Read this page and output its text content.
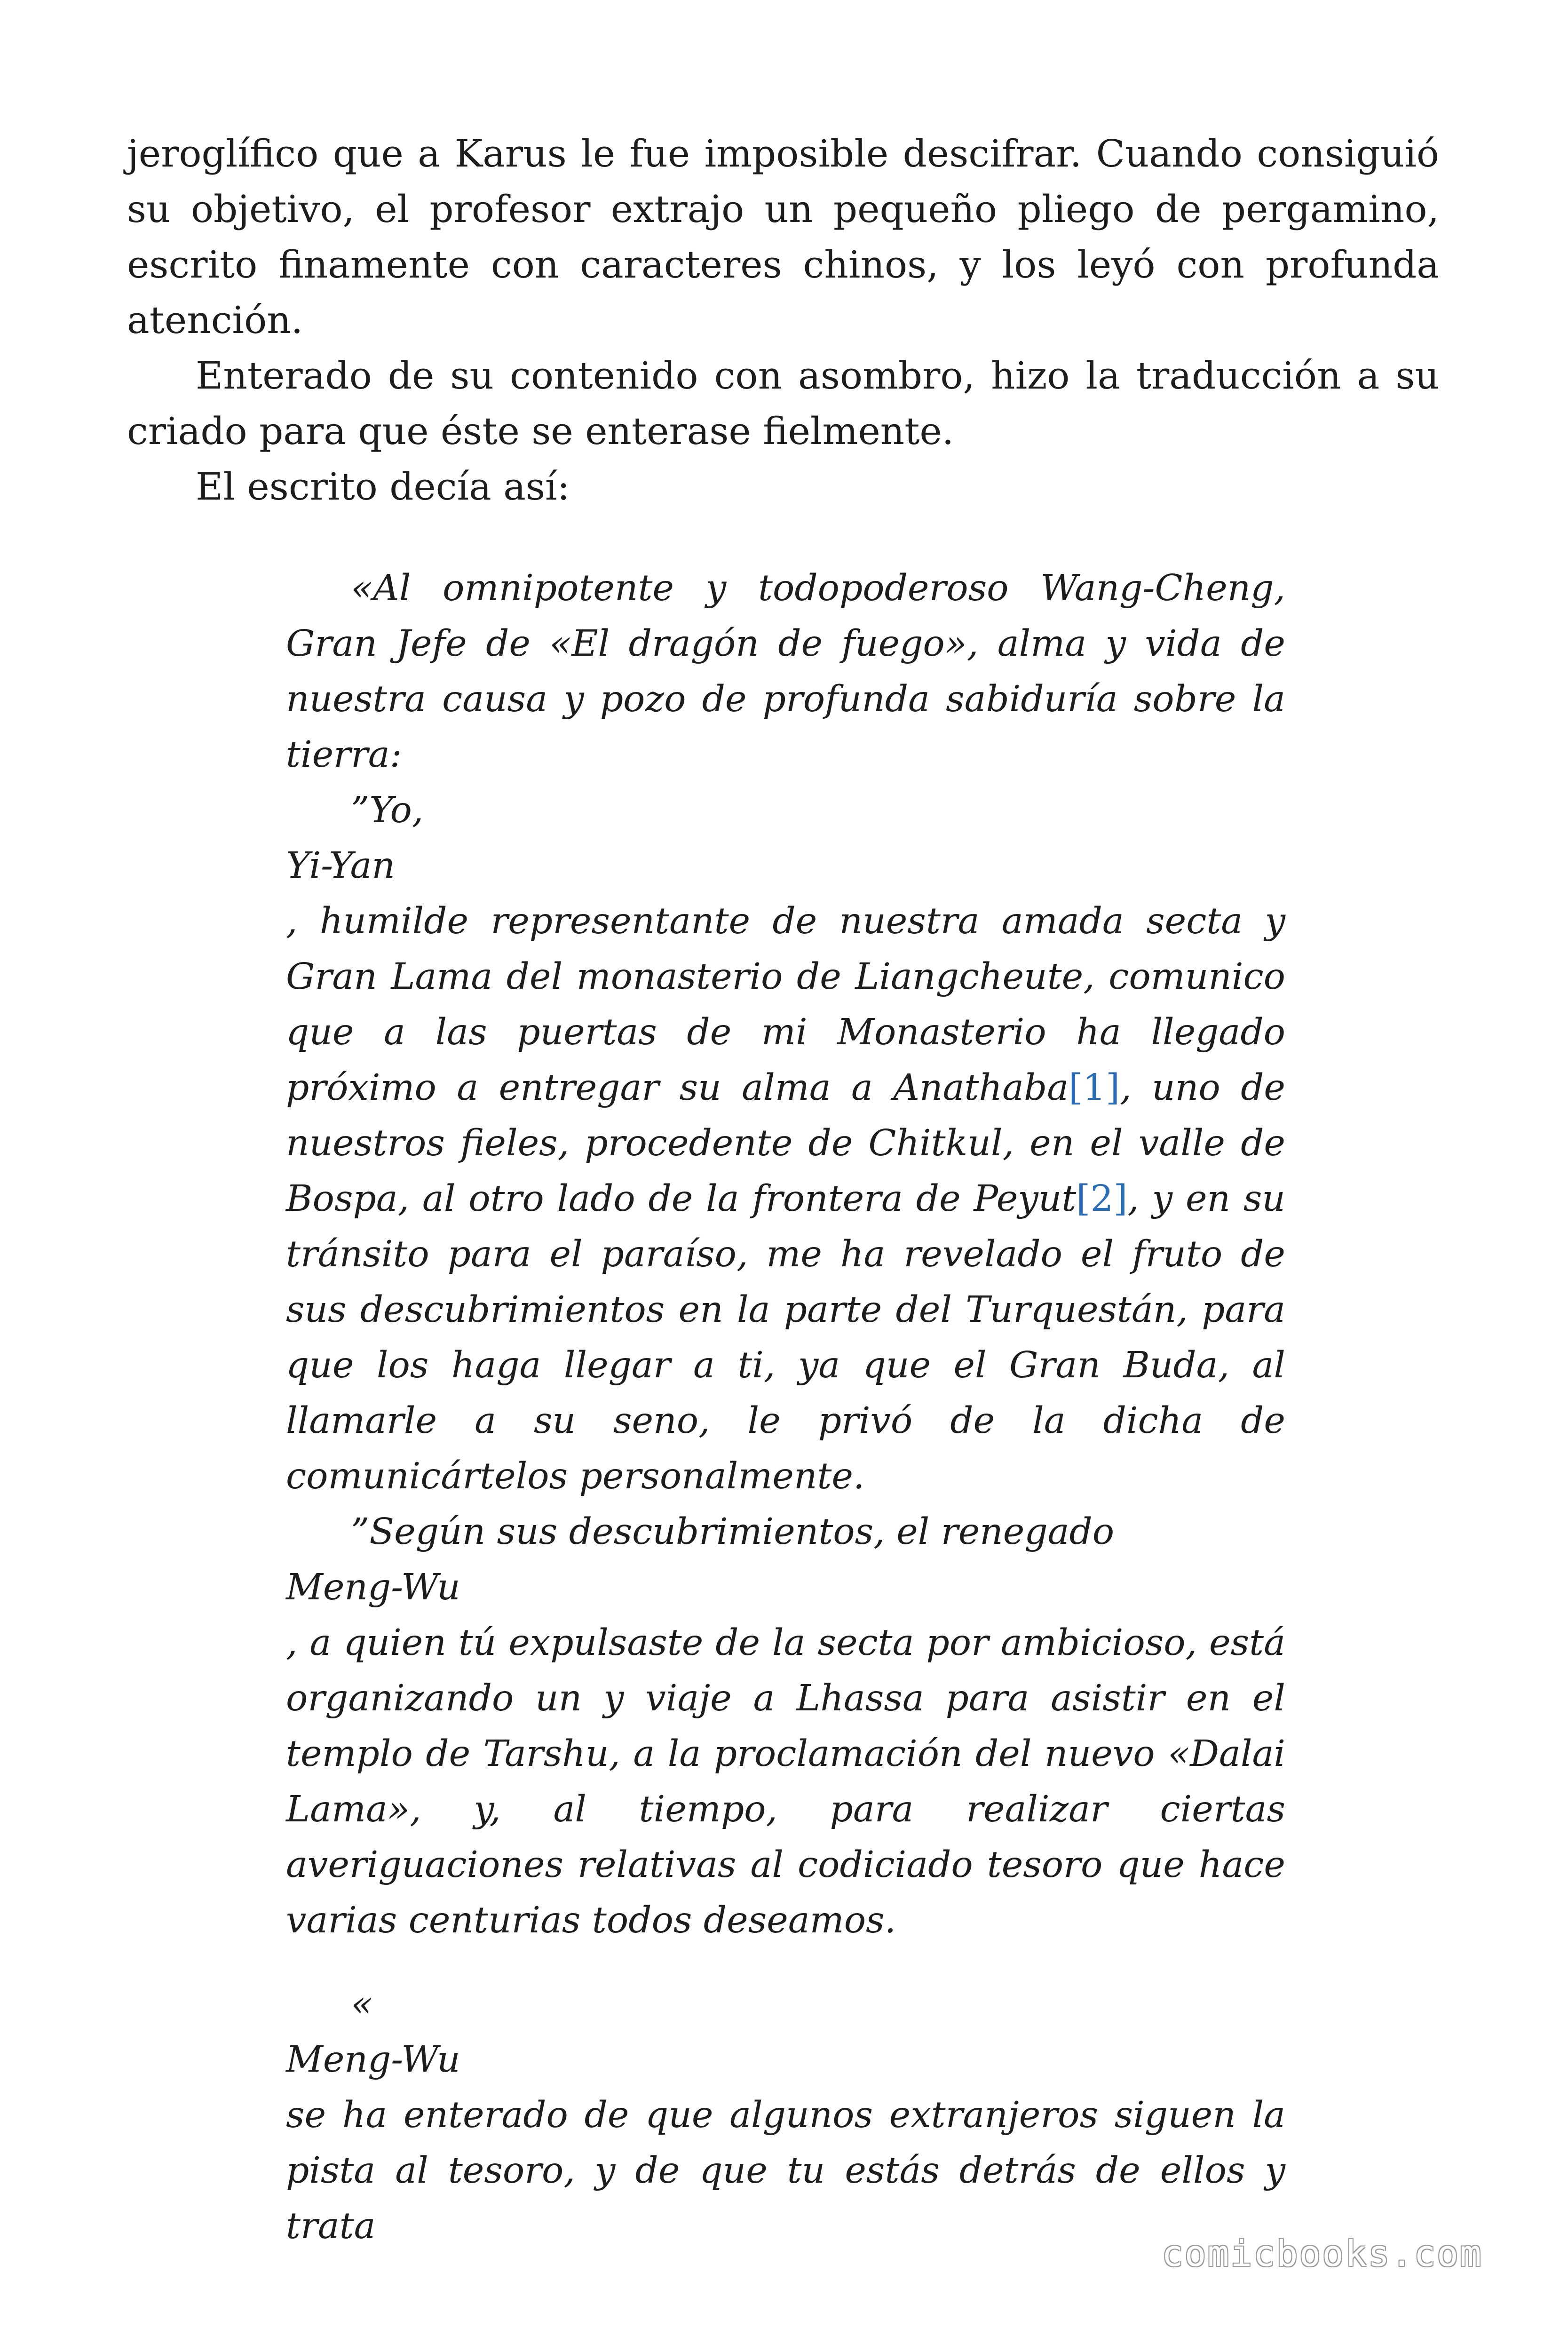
jeroglífico que a Karus le fue imposible descifrar. Cuando consiguió su objetivo, el profesor extrajo un pequeño pliego de pergamino, escrito finamente con caracteres chinos, y los leyó con profunda atención.

Enterado de su contenido con asombro, hizo la traducción a su criado para que éste se enterase fielmente.

El escrito decía así:

«Al omnipotente y todopoderoso Wang-Cheng, Gran Jefe de «El dragón de fuego», alma y vida de nuestra causa y pozo de profunda sabiduría sobre la tierra:

”Yo,

Yi-Yan

, humilde representante de nuestra amada secta y Gran Lama del monasterio de Liangcheute, comunico que a las puertas de mi Monasterio ha llegado próximo a entregar su alma a Anathaba[1], uno de nuestros fieles, procedente de Chitkul, en el valle de Bospa, al otro lado de la frontera de Peyut[2], y en su tránsito para el paraíso, me ha revelado el fruto de sus descubrimientos en la parte del Turquestán, para que los haga llegar a ti, ya que el Gran Buda, al llamarle a su seno, le privó de la dicha de comunicártelos personalmente.

”Según sus descubrimientos, el renegado

Meng-Wu

, a quien tú expulsaste de la secta por ambicioso, está organizando un y viaje a Lhassa para asistir en el templo de Tarshu, a la proclamación del nuevo «Dalai Lama», y, al tiempo, para realizar ciertas averiguaciones relativas al codiciado tesoro que hace varias centurias todos deseamos.

«

Meng-Wu

se ha enterado de que algunos extranjeros siguen la pista al tesoro, y de que tu estás detrás de ellos y trata

comicbooks.com
